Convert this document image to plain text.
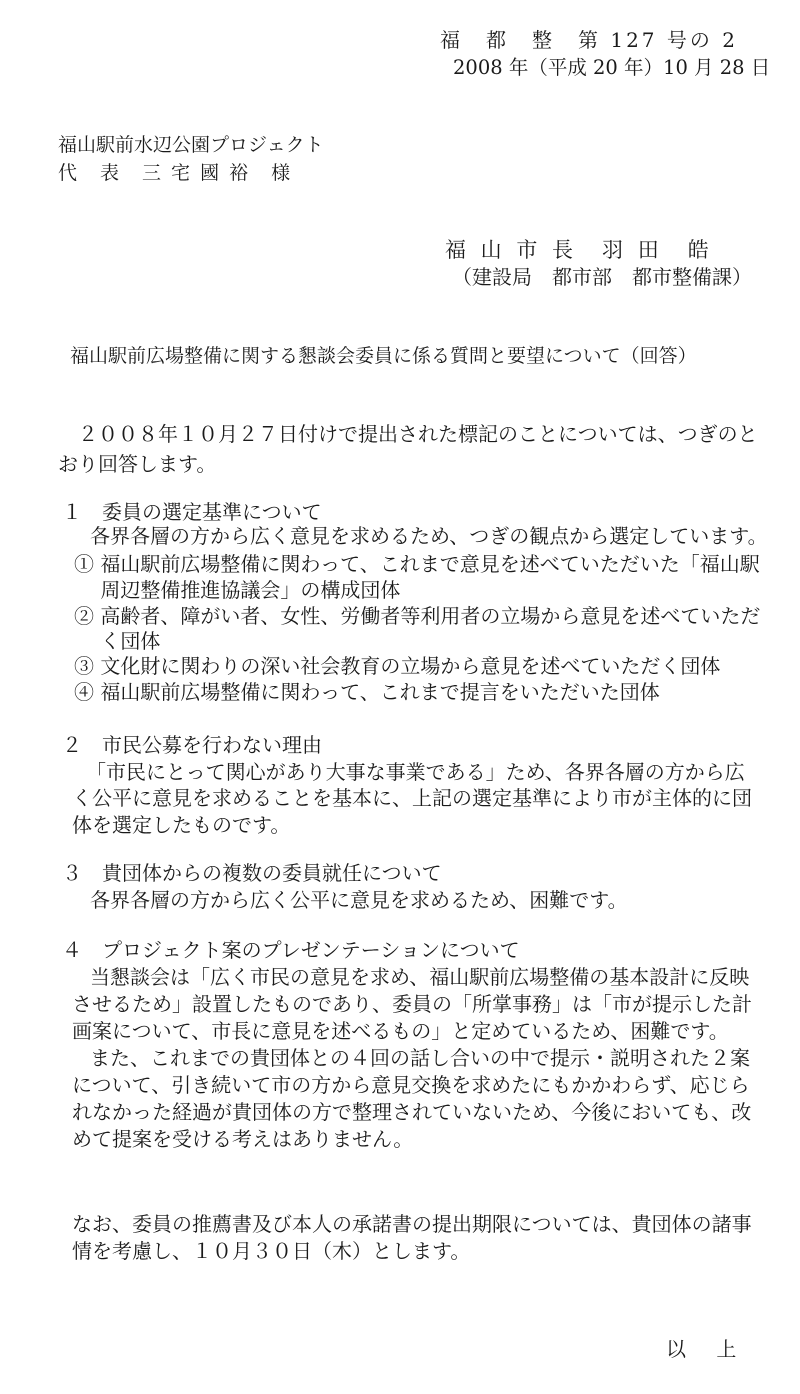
福　都　整　第 127 号の 2
2008 年（平成 20 年）10 月 28 日
福山駅前水辺公園プロジェクト
代　表　三 宅 國 裕　様
福 山 市 長　羽 田　皓
（建設局　都市部　都市整備課）
福山駅前広場整備に関する懇談会委員に係る質問と要望について（回答）
　２００８年１０月２７日付けで提出された標記のことについては、つぎのと
おり回答します。
１　委員の選定基準について
各界各層の方から広く意見を求めるため、つぎの観点から選定しています。
① 福山駅前広場整備に関わって、これまで意見を述べていただいた「福山駅
　 周辺整備推進協議会」の構成団体
② 高齢者、障がい者、女性、労働者等利用者の立場から意見を述べていただ
　 く団体
③ 文化財に関わりの深い社会教育の立場から意見を述べていただく団体
④ 福山駅前広場整備に関わって、これまで提言をいただいた団体
２　市民公募を行わない理由
「市民にとって関心があり大事な事業である」ため、各界各層の方から広
く公平に意見を求めることを基本に、上記の選定基準により市が主体的に団
体を選定したものです。
３　貴団体からの複数の委員就任について
各界各層の方から広く公平に意見を求めるため、困難です。
４　プロジェクト案のプレゼンテーションについて
当懇談会は「広く市民の意見を求め、福山駅前広場整備の基本設計に反映
させるため」設置したものであり、委員の「所掌事務」は「市が提示した計
画案について、市長に意見を述べるもの」と定めているため、困難です。
また、これまでの貴団体との４回の話し合いの中で提示・説明された２案
について、引き続いて市の方から意見交換を求めたにもかかわらず、応じら
れなかった経過が貴団体の方で整理されていないため、今後においても、改
めて提案を受ける考えはありません。
なお、委員の推薦書及び本人の承諾書の提出期限については、貴団体の諸事
情を考慮し、１０月３０日（木）とします。
以 上
